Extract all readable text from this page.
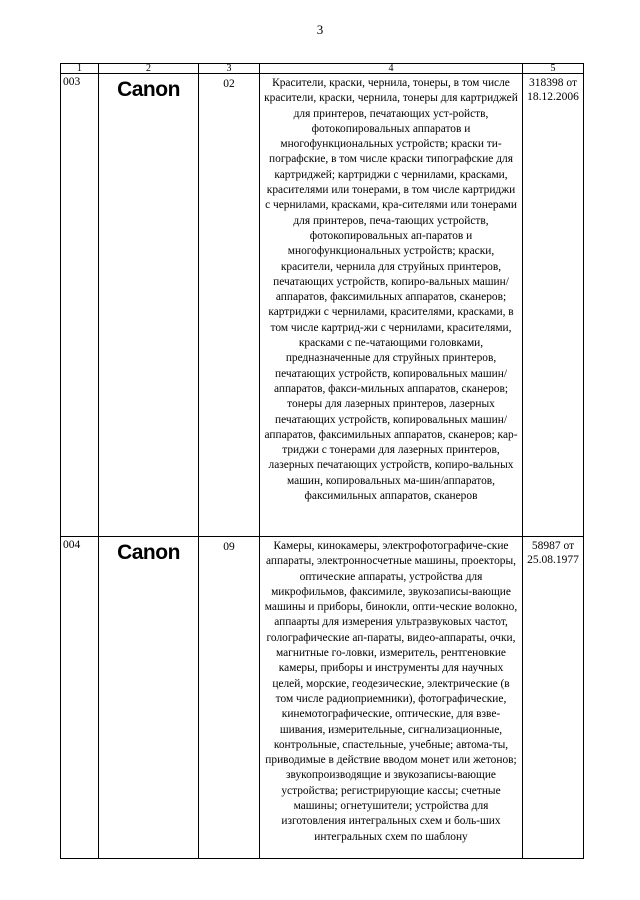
3
1	2	3	4	5
003	Canon	02	Красители, краски, чернила, тонеры, в том числе красители, краски, чернила, тонеры для картриджей для принтеров, печатающих уст-ройств, фотокопировальных аппаратов и многофункциональных устройств; краски ти-пографские, в том числе краски типографские для картриджей; картриджи с чернилами, красками, красителями или тонерами, в том числе картриджи с чернилами, красками, кра-сителями или тонерами для принтеров, печа-тающих устройств, фотокопировальных ап-паратов и многофункциональных устройств; краски, красители, чернила для струйных принтеров, печатающих устройств, копиро-вальных машин/ аппаратов, факсимильных аппаратов, сканеров; картриджи с чернилами, красителями, красками, в том числе картрид-жи с чернилами, красителями, красками с пе-чатающими головками, предназначенные для струйных принтеров, печатающих устройств, копировальных машин/аппаратов, факси-мильных аппаратов, сканеров; тонеры для лазерных принтеров, лазерных печатающих устройств, копировальных машин/аппаратов, факсимильных аппаратов, сканеров; кар-триджи с тонерами для лазерных принтеров, лазерных печатающих устройств, копиро-вальных машин, копировальных ма-шин/аппаратов, факсимильных аппаратов, сканеров	318398 от 18.12.2006
004	Canon	09	Камеры, кинокамеры, электрофотографиче-ские аппараты, электронносчетные машины, проекторы, оптические аппараты, устройства для микрофильмов, факсимиле, звукозаписы-вающие машины и приборы, бинокли, опти-ческие волокно, аппаарты для измерения ультразвуковых частот, голографические ап-параты, видео-аппараты, очки, магнитные го-ловки, измеритель, рентгеновкие камеры, приборы и инструменты для научных целей, морские, геодезические, электрические (в том числе радиоприемники), фотографические, кинемотографические, оптические, для взве-шивания, измерительные, сигнализационные, контрольные, спастельные, учебные; автома-ты, приводимые в действие вводом монет или жетонов; звукопроизводящие и звукозаписы-вающие устройства; регистрирующие кассы; счетные машины; огнетушители; устройства для изготовления интегральных схем и боль-ших интегральных схем по шаблону	58987 от 25.08.1977
